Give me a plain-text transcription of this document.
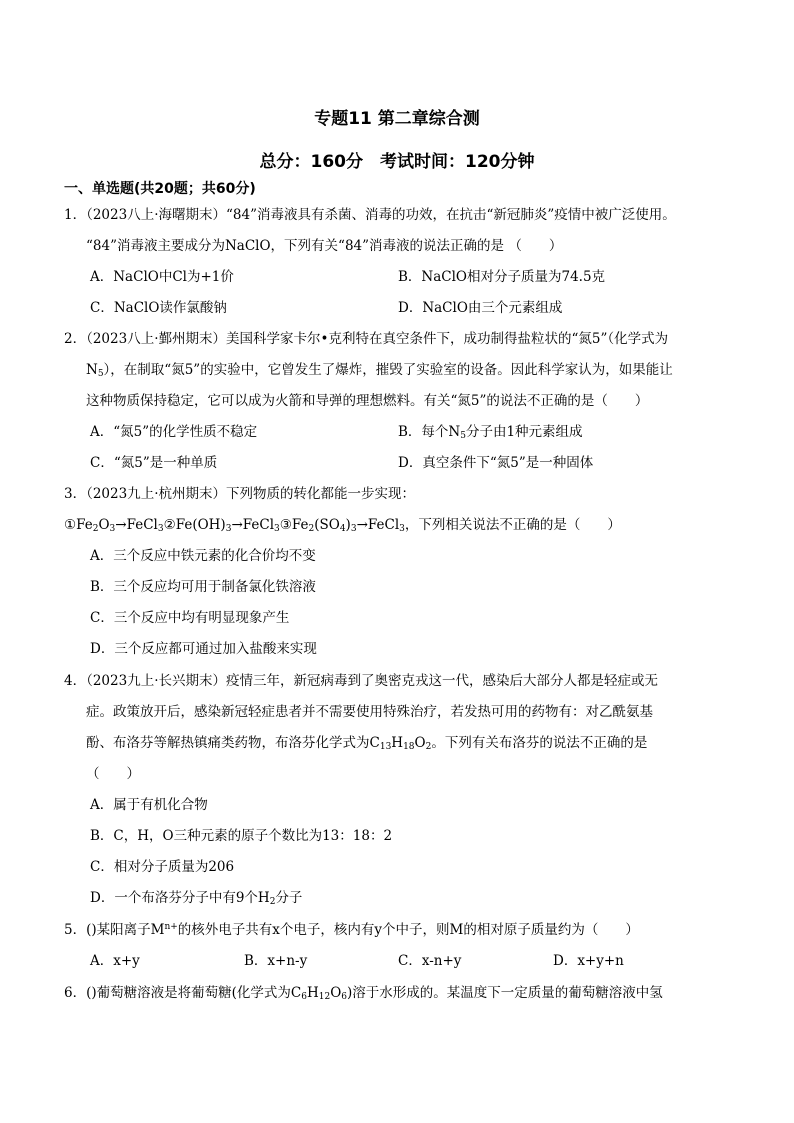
专题11 第二章综合测
总分：160分　考试时间：120分钟
一、单选题(共20题；共60分)
1．（2023八上·海曙期末）“84”消毒液具有杀菌、消毒的功效，在抗击“新冠肺炎”疫情中被广泛使用。
“84”消毒液主要成分为NaClO，下列有关“84”消毒液的说法正确的是 （　　）
A．NaClO中Cl为+1价	B．NaClO相对分子质量为74.5克
C．NaClO读作氯酸钠	D．NaClO由三个元素组成
2．（2023八上·鄞州期末）美国科学家卡尔•克利特在真空条件下，成功制得盐粒状的“氮5”（化学式为
$N_5$），在制取“氮5”的实验中，它曾发生了爆炸，摧毁了实验室的设备。因此科学家认为，如果能让
这种物质保持稳定，它可以成为火箭和导弹的理想燃料。有关“氮5”的说法不正确的是（　　）
A．“氮5”的化学性质不稳定	B．每个$N_5$分子由1种元素组成
C．“氮5”是一种单质	D．真空条件下“氮5”是一种固体
3．（2023九上·杭州期末）下列物质的转化都能一步实现：
$①Fe_2O_3\to FeCl_3②Fe(OH)_3\to FeCl_3③Fe_2(SO_4)_3\to FeCl_3$，下列相关说法不正确的是（　　）
A．三个反应中铁元素的化合价均不变
B．三个反应均可用于制备氯化铁溶液
C．三个反应中均有明显现象产生
D．三个反应都可通过加入盐酸来实现
4．（2023九上·长兴期末）疫情三年，新冠病毒到了奥密克戎这一代，感染后大部分人都是轻症或无
症。政策放开后，感染新冠轻症患者并不需要使用特殊治疗，若发热可用的药物有：对乙酰氨基
酚、布洛芬等解热镇痛类药物，布洛芬化学式为$C_{13}H_{18}O_2$。下列有关布洛芬的说法不正确的是
（　　）
A．属于有机化合物
B．C，H，O三种元素的原子个数比为13：18：2
C．相对分子质量为206
D．一个布洛芬分子中有9个$H_2$分子
5．()某阳离子$M^{n+}$的核外电子共有x个电子，核内有y个中子，则M的相对原子质量约为（　　）
A．x+y	B．x+n-y	C．x-n+y	D．x+y+n
6．()葡萄糖溶液是将葡萄糖(化学式为$C_6H_{12}O_6$)溶于水形成的。某温度下一定质量的葡萄糖溶液中氢
